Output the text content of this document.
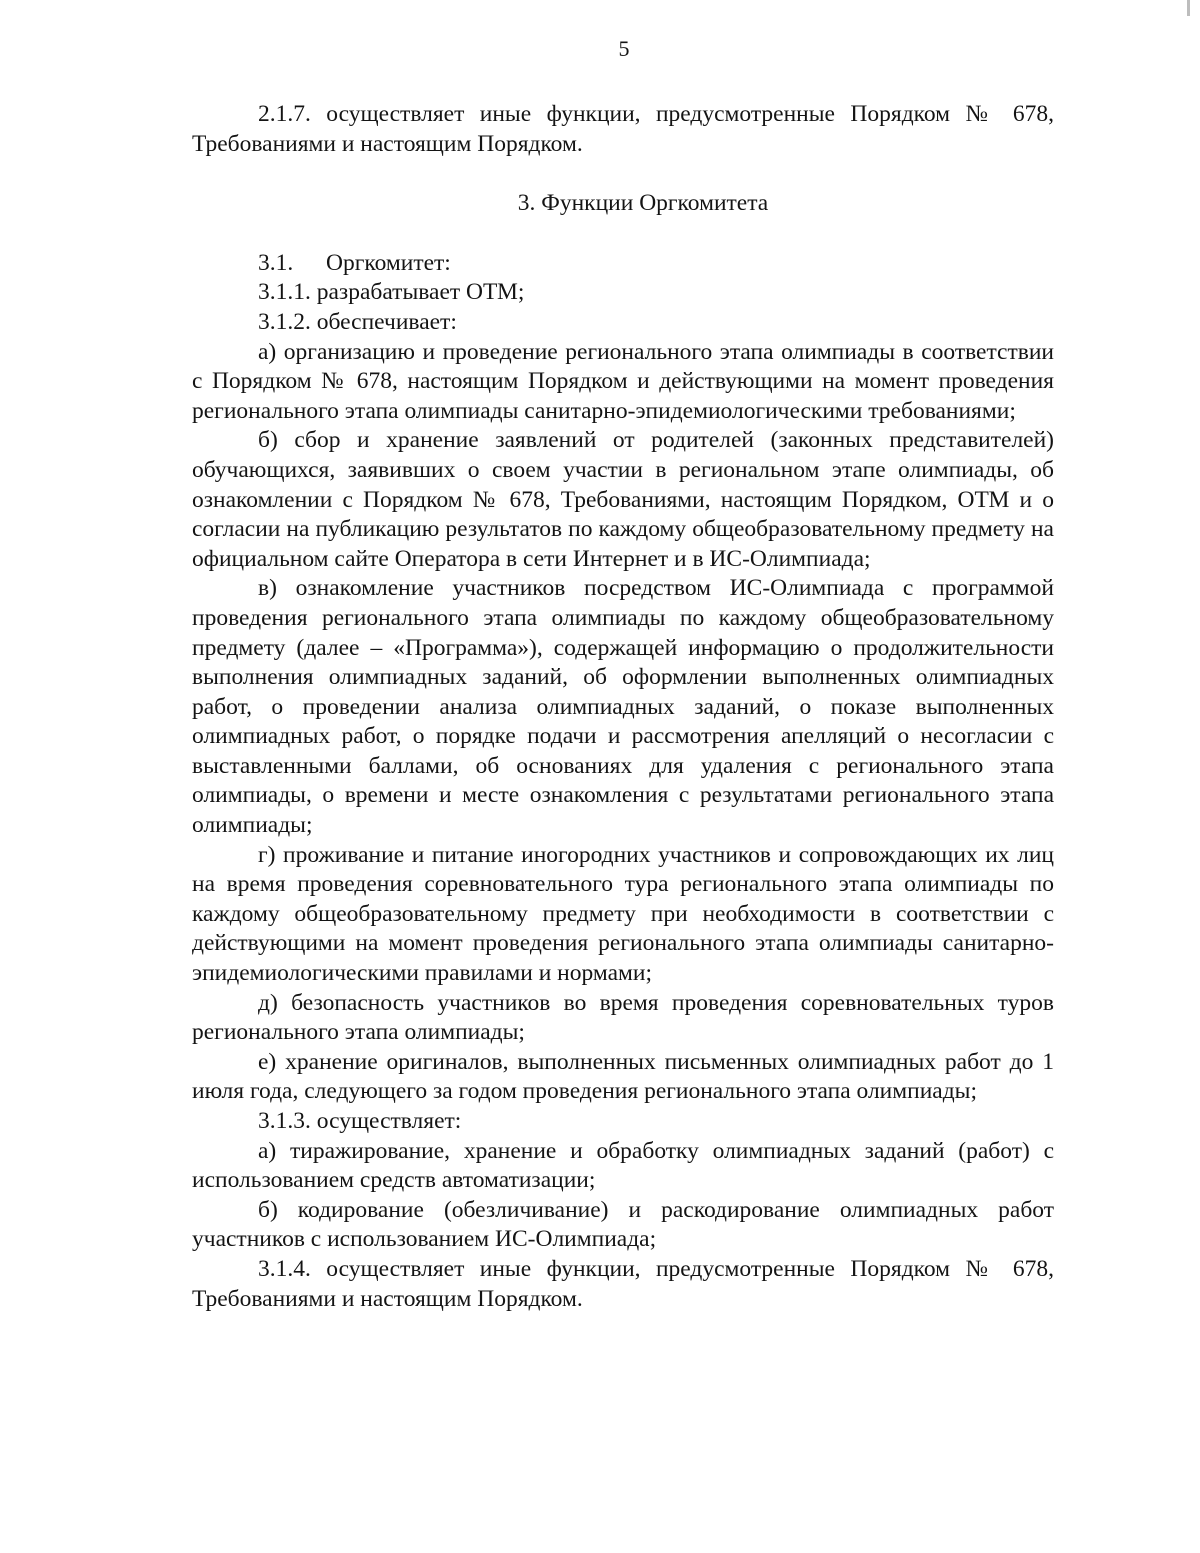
5

2.1.7. осуществляет иные функции, предусмотренные Порядком № 678, Требованиями и настоящим Порядком.

3. Функции Оргкомитета

3.1. Оргкомитет:

3.1.1. разрабатывает ОТМ;

3.1.2. обеспечивает:

а) организацию и проведение регионального этапа олимпиады в соответствии с Порядком № 678, настоящим Порядком и действующими на момент проведения регионального этапа олимпиады санитарно-эпидемиологическими требованиями;

б) сбор и хранение заявлений от родителей (законных представителей) обучающихся, заявивших о своем участии в региональном этапе олимпиады, об ознакомлении с Порядком № 678, Требованиями, настоящим Порядком, ОТМ и о согласии на публикацию результатов по каждому общеобразовательному предмету на официальном сайте Оператора в сети Интернет и в ИС-Олимпиада;

в) ознакомление участников посредством ИС-Олимпиада с программой проведения регионального этапа олимпиады по каждому общеобразовательному предмету (далее – «Программа»), содержащей информацию о продолжительности выполнения олимпиадных заданий, об оформлении выполненных олимпиадных работ, о проведении анализа олимпиадных заданий, о показе выполненных олимпиадных работ, о порядке подачи и рассмотрения апелляций о несогласии с выставленными баллами, об основаниях для удаления с регионального этапа олимпиады, о времени и месте ознакомления с результатами регионального этапа олимпиады;

г) проживание и питание иногородних участников и сопровождающих их лиц на время проведения соревновательного тура регионального этапа олимпиады по каждому общеобразовательному предмету при необходимости в соответствии с действующими на момент проведения регионального этапа олимпиады санитарно-эпидемиологическими правилами и нормами;

д) безопасность участников во время проведения соревновательных туров регионального этапа олимпиады;

е) хранение оригиналов, выполненных письменных олимпиадных работ до 1 июля года, следующего за годом проведения регионального этапа олимпиады;

3.1.3. осуществляет:

а) тиражирование, хранение и обработку олимпиадных заданий (работ) с использованием средств автоматизации;

б) кодирование (обезличивание) и раскодирование олимпиадных работ участников с использованием ИС-Олимпиада;

3.1.4. осуществляет иные функции, предусмотренные Порядком № 678, Требованиями и настоящим Порядком.
